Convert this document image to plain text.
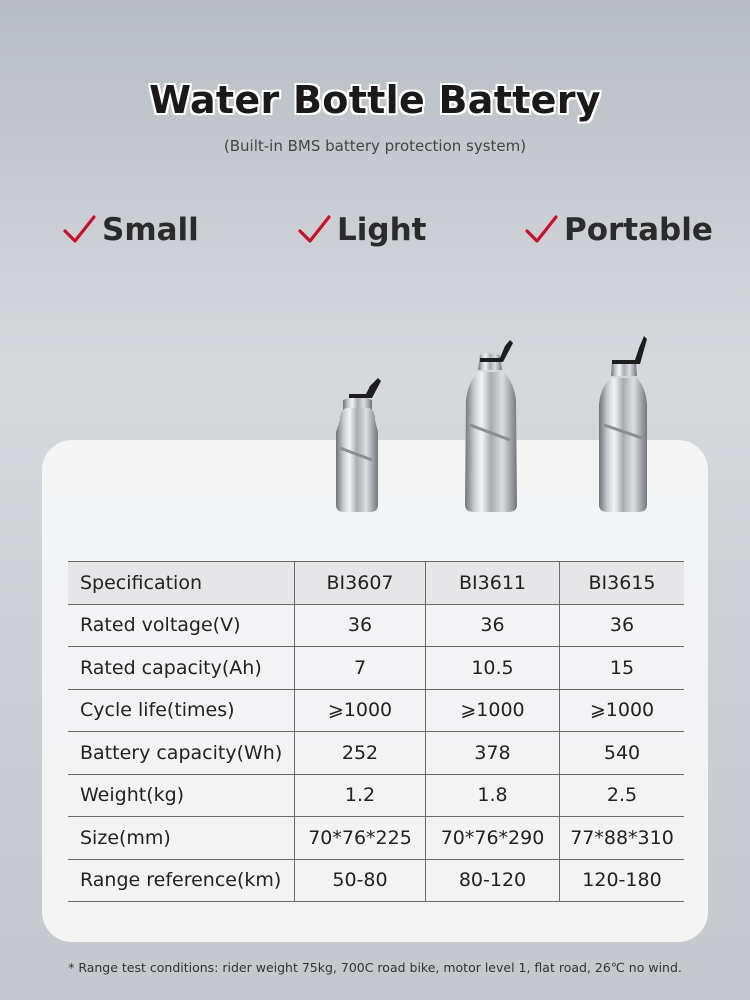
Water Bottle Battery
(Built-in BMS battery protection system)
Small	Light	Portable
Specification	BI3607	BI3611	BI3615
Rated voltage(V)	36	36	36
Rated capacity(Ah)	7	10.5	15
Cycle life(times)	⩾1000	⩾1000	⩾1000
Battery capacity(Wh)	252	378	540
Weight(kg)	1.2	1.8	2.5
Size(mm)	70*76*225	70*76*290	77*88*310
Range reference(km)	50-80	80-120	120-180
* Range test conditions: rider weight 75kg, 700C road bike, motor level 1, flat road, 26℃ no wind.
